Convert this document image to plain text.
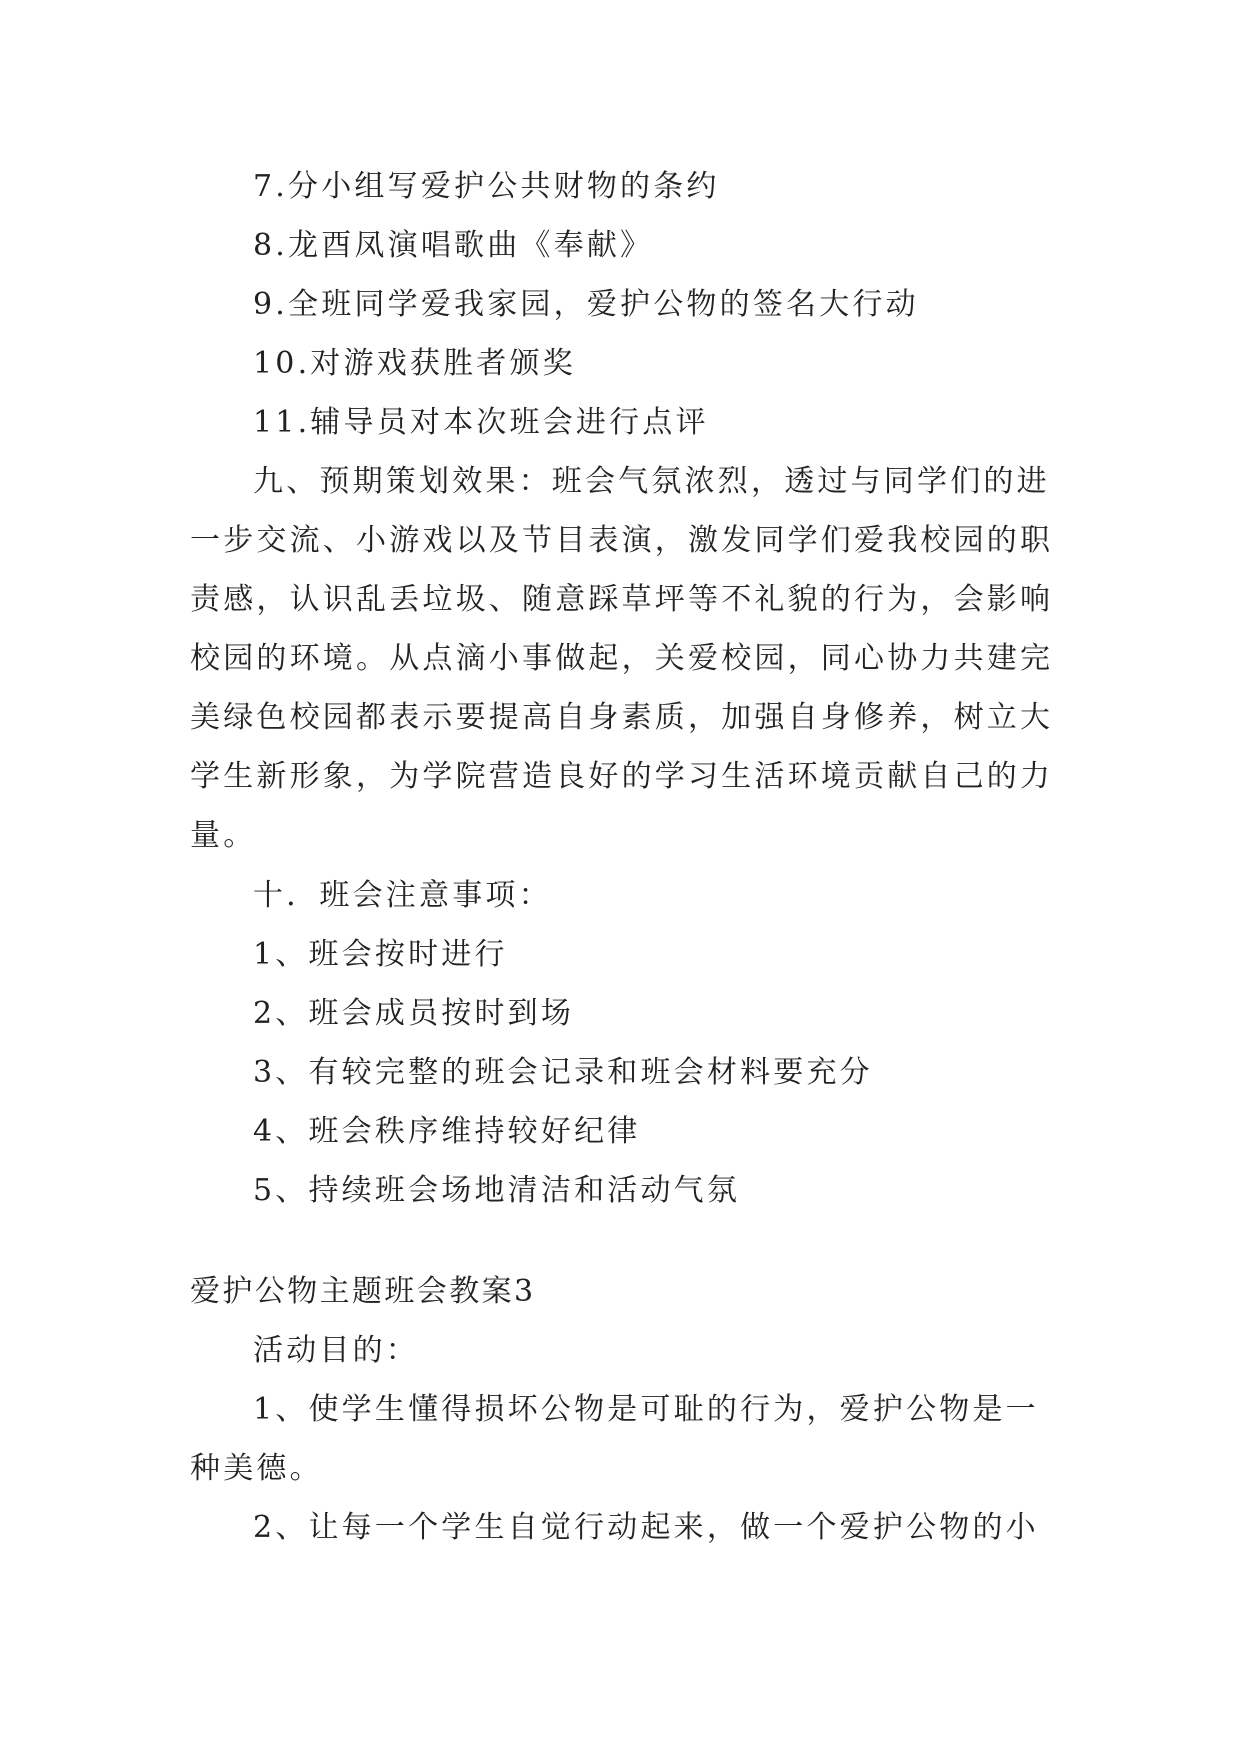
7.分小组写爱护公共财物的条约
8.龙酉凤演唱歌曲《奉献》
9.全班同学爱我家园，爱护公物的签名大行动
10.对游戏获胜者颁奖
11.辅导员对本次班会进行点评
九、预期策划效果：班会气氛浓烈，透过与同学们的进
一步交流、小游戏以及节目表演，激发同学们爱我校园的职
责感，认识乱丢垃圾、随意踩草坪等不礼貌的行为，会影响
校园的环境。从点滴小事做起，关爱校园，同心协力共建完
美绿色校园都表示要提高自身素质，加强自身修养，树立大
学生新形象，为学院营造良好的学习生活环境贡献自己的力
量。
十．班会注意事项：
1、班会按时进行
2、班会成员按时到场
3、有较完整的班会记录和班会材料要充分
4、班会秩序维持较好纪律
5、持续班会场地清洁和活动气氛
爱护公物主题班会教案3
活动目的：
1、使学生懂得损坏公物是可耻的行为，爱护公物是一
种美德。
2、让每一个学生自觉行动起来，做一个爱护公物的小
